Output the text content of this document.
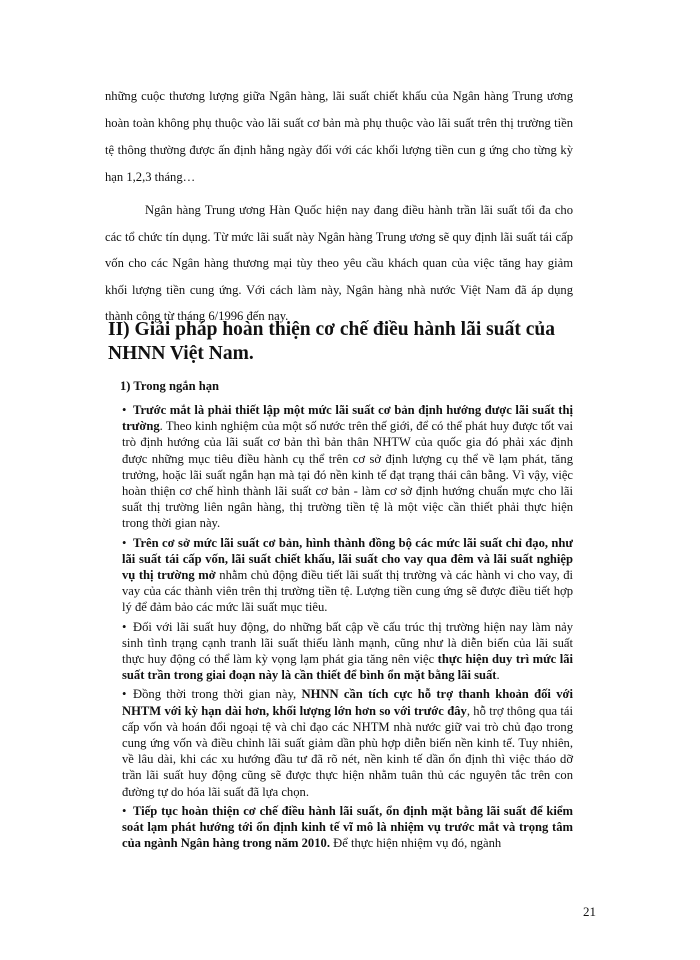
những cuộc thương lượng giữa Ngân hàng, lãi suất chiết khấu của Ngân hàng Trung ương hoàn toàn không phụ thuộc vào lãi suất cơ bản mà phụ thuộc vào lãi suất trên thị trường tiền tệ thông thường được ấn định hằng ngày đối với các khối lượng tiền cun g ứng cho từng kỳ hạn 1,2,3 tháng…

Ngân hàng Trung ương Hàn Quốc hiện nay đang điều hành trần lãi suất tối đa cho các tổ chức tín dụng. Từ mức lãi suất này Ngân hàng Trung ương sẽ quy định lãi suất tái cấp vốn cho các Ngân hàng thương mại tùy theo yêu cầu khách quan của việc tăng hay giảm khối lượng tiền cung ứng. Với cách làm này, Ngân hàng nhà nước Việt Nam đã áp dụng thành công từ tháng 6/1996 đến nay.

II) Giải pháp hoàn thiện cơ chế điều hành lãi suất của NHNN Việt Nam.
1) Trong ngắn hạn

• Trước mắt là phải thiết lập một mức lãi suất cơ bản định hướng được lãi suất thị trường. Theo kinh nghiệm của một số nước trên thế giới, để có thể phát huy được tốt vai trò định hướng của lãi suất cơ bản thì bản thân NHTW của quốc gia đó phải xác định được những mục tiêu điều hành cụ thể trên cơ sở định lượng cụ thể về lạm phát, tăng trưởng, hoặc lãi suất ngắn hạn mà tại đó nền kinh tế đạt trạng thái cân bằng. Vì vậy, việc hoàn thiện cơ chế hình thành lãi suất cơ bản - làm cơ sở định hướng chuẩn mực cho lãi suất thị trường liên ngân hàng, thị trường tiền tệ là một việc cần thiết phải thực hiện trong thời gian này.

• Trên cơ sở mức lãi suất cơ bản, hình thành đồng bộ các mức lãi suất chỉ đạo, như lãi suất tái cấp vốn, lãi suất chiết khấu, lãi suất cho vay qua đêm và lãi suất nghiệp vụ thị trường mở nhằm chủ động điều tiết lãi suất thị trường và các hành vi cho vay, đi vay của các thành viên trên thị trường tiền tệ. Lượng tiền cung ứng sẽ được điều tiết hợp lý để đảm bảo các mức lãi suất mục tiêu.

• Đối với lãi suất huy động, do những bất cập về cấu trúc thị trường hiện nay làm nảy sinh tình trạng cạnh tranh lãi suất thiếu lành mạnh, cũng như là diễn biến của lãi suất thực huy động có thể làm kỳ vọng lạm phát gia tăng nên việc thực hiện duy trì mức lãi suất trần trong giai đoạn này là cần thiết để bình ổn mặt bằng lãi suất.

• Đồng thời trong thời gian này, NHNN cần tích cực hỗ trợ thanh khoản đối với NHTM với kỳ hạn dài hơn, khối lượng lớn hơn so với trước đây, hỗ trợ thông qua tái cấp vốn và hoán đổi ngoại tệ và chỉ đạo các NHTM nhà nước giữ vai trò chủ đạo trong cung ứng vốn và điều chỉnh lãi suất giảm dần phù hợp diễn biến nền kinh tế. Tuy nhiên, về lâu dài, khi các xu hướng đầu tư đã rõ nét, nền kinh tế dần ổn định thì việc tháo dỡ trần lãi suất huy động cũng sẽ được thực hiện nhằm tuân thủ các nguyên tắc trên con đường tự do hóa lãi suất đã lựa chọn.

• Tiếp tục hoàn thiện cơ chế điều hành lãi suất, ổn định mặt bằng lãi suất để kiểm soát lạm phát hướng tới ổn định kinh tế vĩ mô là nhiệm vụ trước mắt và trọng tâm của ngành Ngân hàng trong năm 2010. Để thực hiện nhiệm vụ đó, ngành

21
